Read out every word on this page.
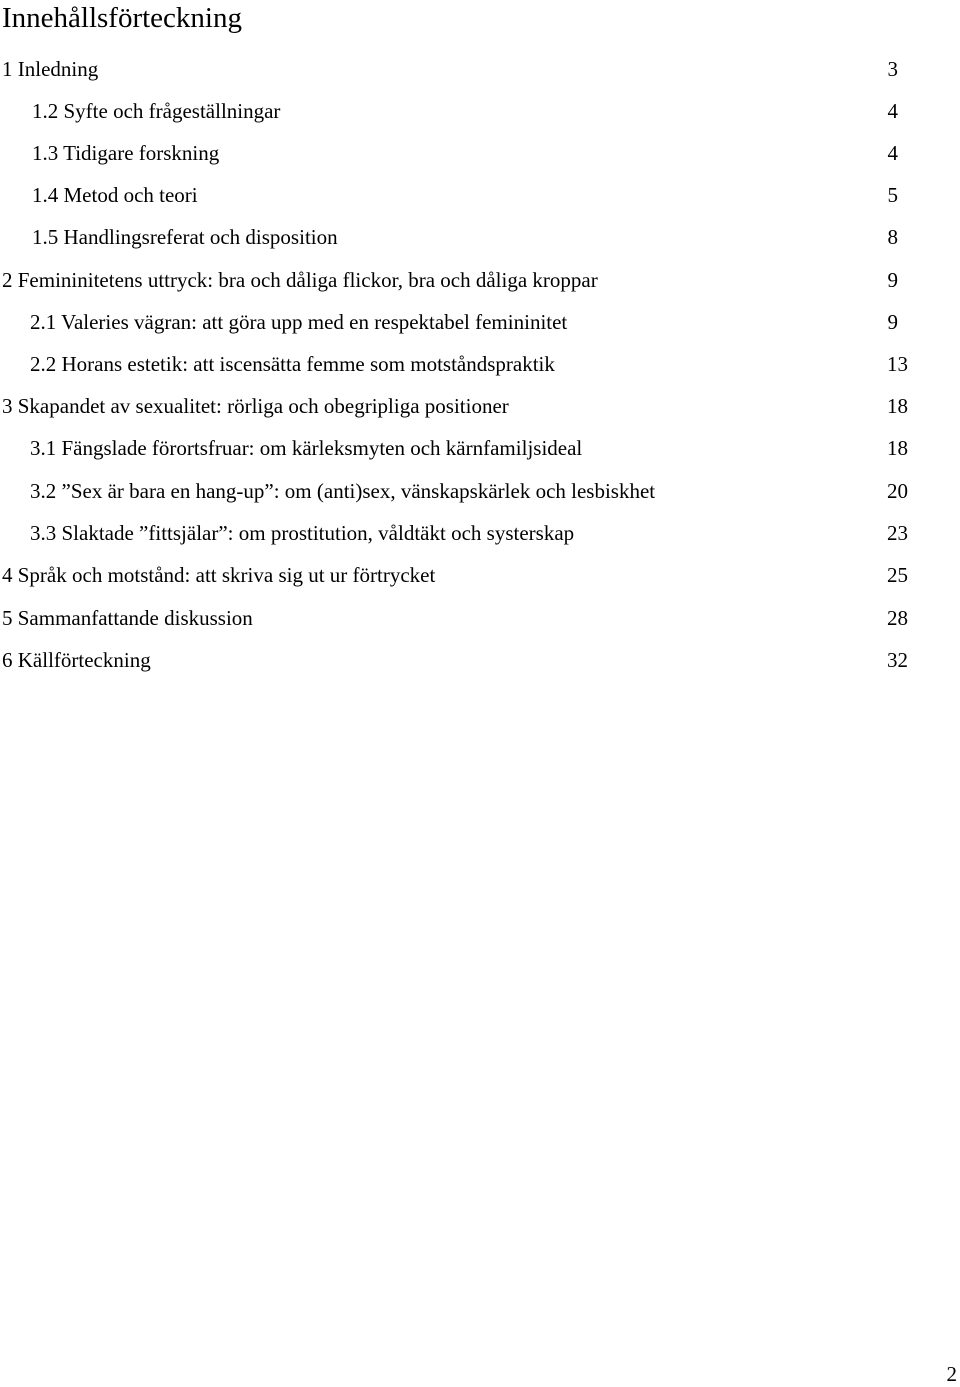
Innehållsförteckning
1 Inledning	3
1.2 Syfte och frågeställningar	4
1.3 Tidigare forskning	4
1.4 Metod och teori	5
1.5 Handlingsreferat och disposition	8
2 Femininitetens uttryck: bra och dåliga flickor, bra och dåliga kroppar	9
2.1 Valeries vägran: att göra upp med en respektabel femininitet	9
2.2 Horans estetik: att iscensätta femme som motståndspraktik	13
3 Skapandet av sexualitet: rörliga och obegripliga positioner	18
3.1 Fängslade förortsfruar: om kärleksmyten och kärnfamiljsideal	18
3.2 ”Sex är bara en hang-up”: om (anti)sex, vänskapskärlek och lesbiskhet	20
3.3 Slaktade ”fittsjälar”: om prostitution, våldtäkt och systerskap	23
4 Språk och motstånd: att skriva sig ut ur förtrycket	25
5 Sammanfattande diskussion	28
6 Källförteckning	32
2
